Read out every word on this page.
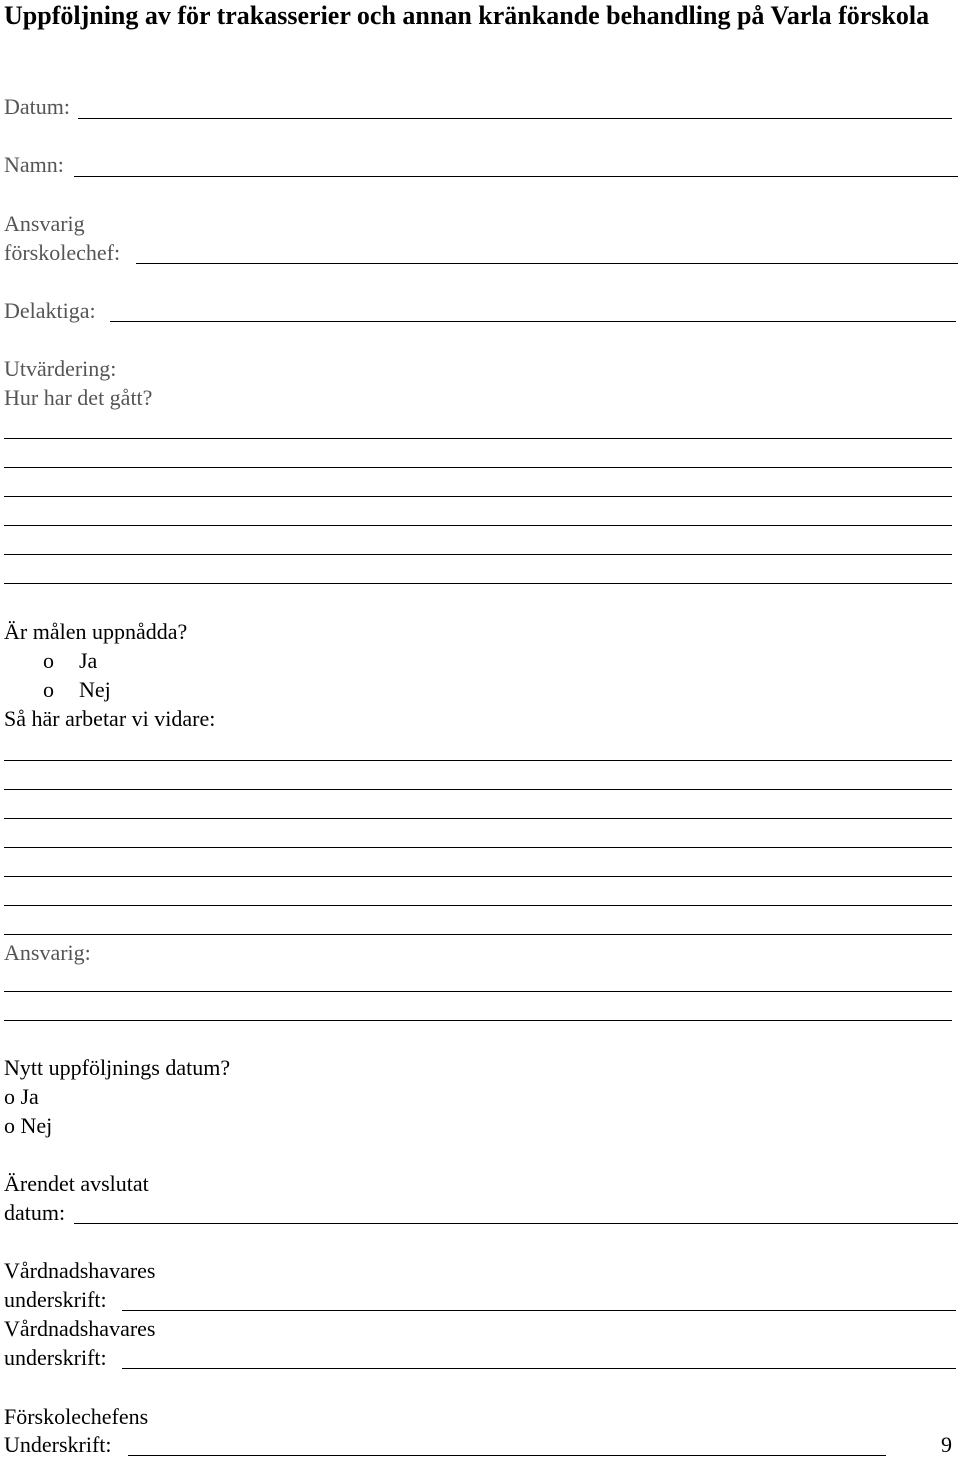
Uppföljning av för trakasserier och annan kränkande behandling på Varla förskola
Datum:
Namn:
Ansvarig
förskolechef:
Delaktiga:
Utvärdering:
Hur har det gått?
Är målen uppnådda?
o Ja
o Nej
Så här arbetar vi vidare:
Ansvarig:
Nytt uppföljnings datum?
o Ja
o Nej
Ärendet avslutat
datum:
Vårdnadshavares
underskrift:
Vårdnadshavares
underskrift:
Förskolechefens
Underskrift:	9
